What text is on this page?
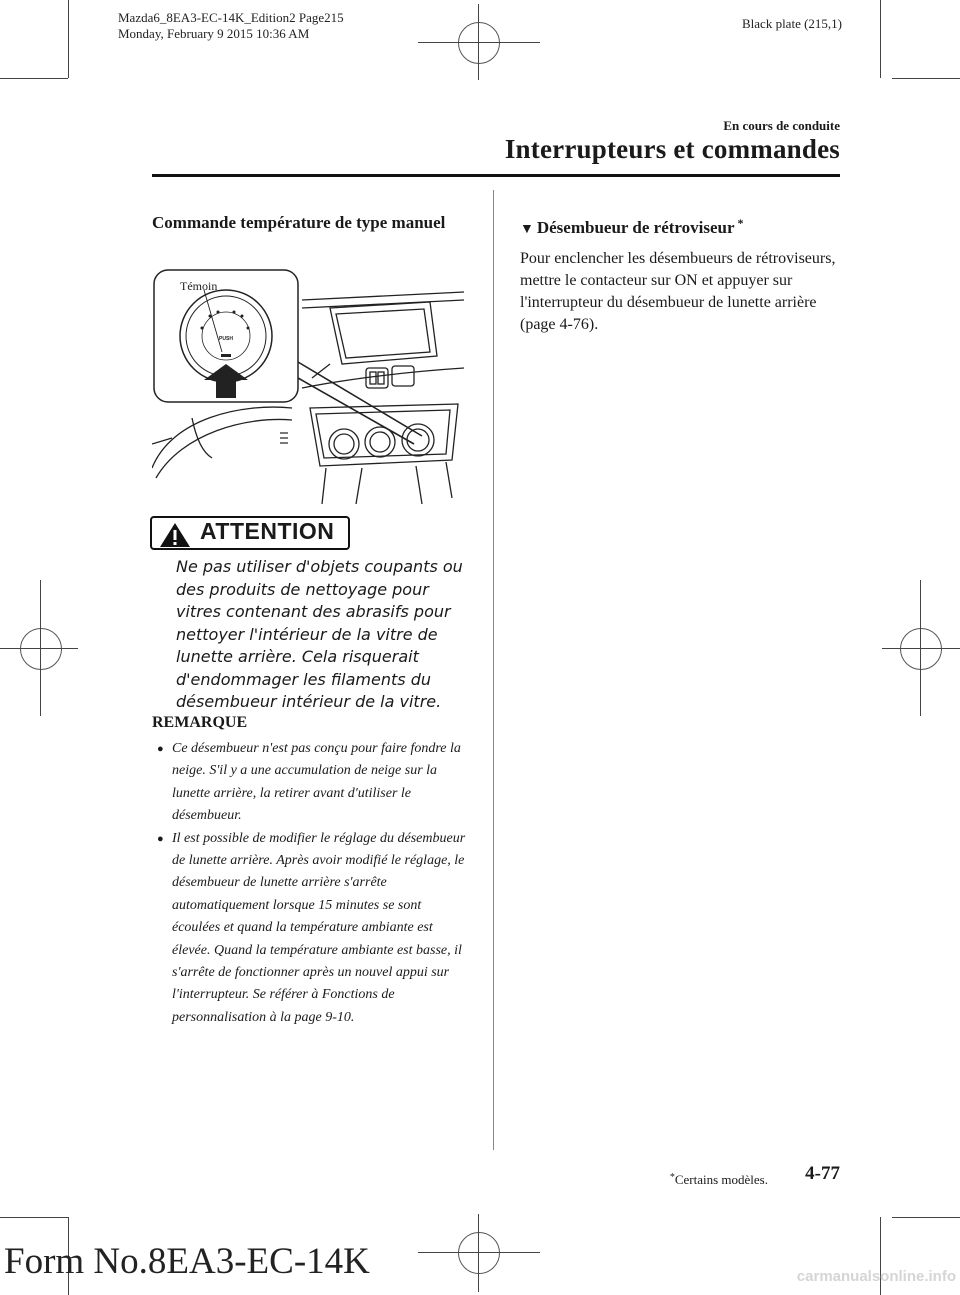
Mazda6_8EA3-EC-14K_Edition2 Page215
Monday, February 9 2015 10:36 AM
Black plate (215,1)
En cours de conduite
Interrupteurs et commandes
Commande température de type manuel
PUSH
Témoin
ATTENTION
Ne pas utiliser d'objets coupants ou des produits de nettoyage pour vitres contenant des abrasifs pour nettoyer l'intérieur de la vitre de lunette arrière. Cela risquerait d'endommager les filaments du désembueur intérieur de la vitre.
REMARQUE
● Ce désembueur n'est pas conçu pour faire fondre la neige. S'il y a une accumulation de neige sur la lunette arrière, la retirer avant d'utiliser le désembueur.
● Il est possible de modifier le réglage du désembueur de lunette arrière. Après avoir modifié le réglage, le désembueur de lunette arrière s'arrête automatiquement lorsque 15 minutes se sont écoulées et quand la température ambiante est élevée. Quand la température ambiante est basse, il s'arrête de fonctionner après un nouvel appui sur l'interrupteur. Se référer à Fonctions de personnalisation à la page 9-10.
▼ Désembueur de rétroviseur *
Pour enclencher les désembueurs de rétroviseurs, mettre le contacteur sur ON et appuyer sur l'interrupteur du désembueur de lunette arrière (page 4-76).
*Certains modèles. 4-77
Form No.8EA3-EC-14K	carmanualsonline.info
